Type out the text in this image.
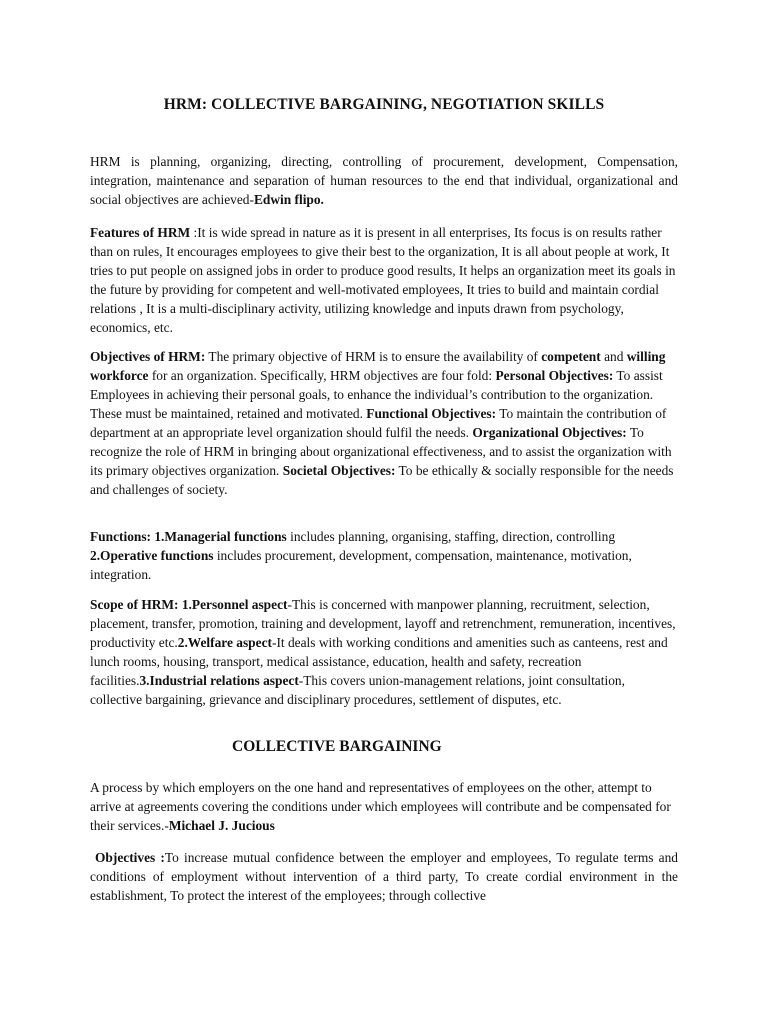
HRM: COLLECTIVE BARGAINING, NEGOTIATION SKILLS
HRM is planning, organizing, directing, controlling of procurement, development, Compensation, integration, maintenance and separation of human resources to the end that individual, organizational and social objectives are achieved-Edwin flipo.
Features of HRM :It is wide spread in nature as it is present in all enterprises, Its focus is on results rather than on rules, It encourages employees to give their best to the organization, It is all about people at work, It tries to put people on assigned jobs in order to produce good results, It helps an organization meet its goals in the future by providing for competent and well-motivated employees, It tries to build and maintain cordial relations , It is a multi-disciplinary activity, utilizing knowledge and inputs drawn from psychology, economics, etc.
Objectives of HRM: The primary objective of HRM is to ensure the availability of competent and willing workforce for an organization. Specifically, HRM objectives are four fold: Personal Objectives: To assist Employees in achieving their personal goals, to enhance the individual’s contribution to the organization. These must be maintained, retained and motivated. Functional Objectives: To maintain the contribution of department at an appropriate level organization should fulfil the needs. Organizational Objectives: To recognize the role of HRM in bringing about organizational effectiveness, and to assist the organization with its primary objectives organization. Societal Objectives: To be ethically & socially responsible for the needs and challenges of society.
Functions: 1.Managerial functions includes planning, organising, staffing, direction, controlling 2.Operative functions includes procurement, development, compensation, maintenance, motivation, integration.
Scope of HRM: 1.Personnel aspect-This is concerned with manpower planning, recruitment, selection, placement, transfer, promotion, training and development, layoff and retrenchment, remuneration, incentives, productivity etc.2.Welfare aspect-It deals with working conditions and amenities such as canteens, rest and lunch rooms, housing, transport, medical assistance, education, health and safety, recreation facilities.3.Industrial relations aspect-This covers union-management relations, joint consultation, collective bargaining, grievance and disciplinary procedures, settlement of disputes, etc.
COLLECTIVE BARGAINING
A process by which employers on the one hand and representatives of employees on the other, attempt to arrive at agreements covering the conditions under which employees will contribute and be compensated for their services.-Michael J. Jucious
Objectives :To increase mutual confidence between the employer and employees, To regulate terms and conditions of employment without intervention of a third party, To create cordial environment in the establishment, To protect the interest of the employees; through collective
